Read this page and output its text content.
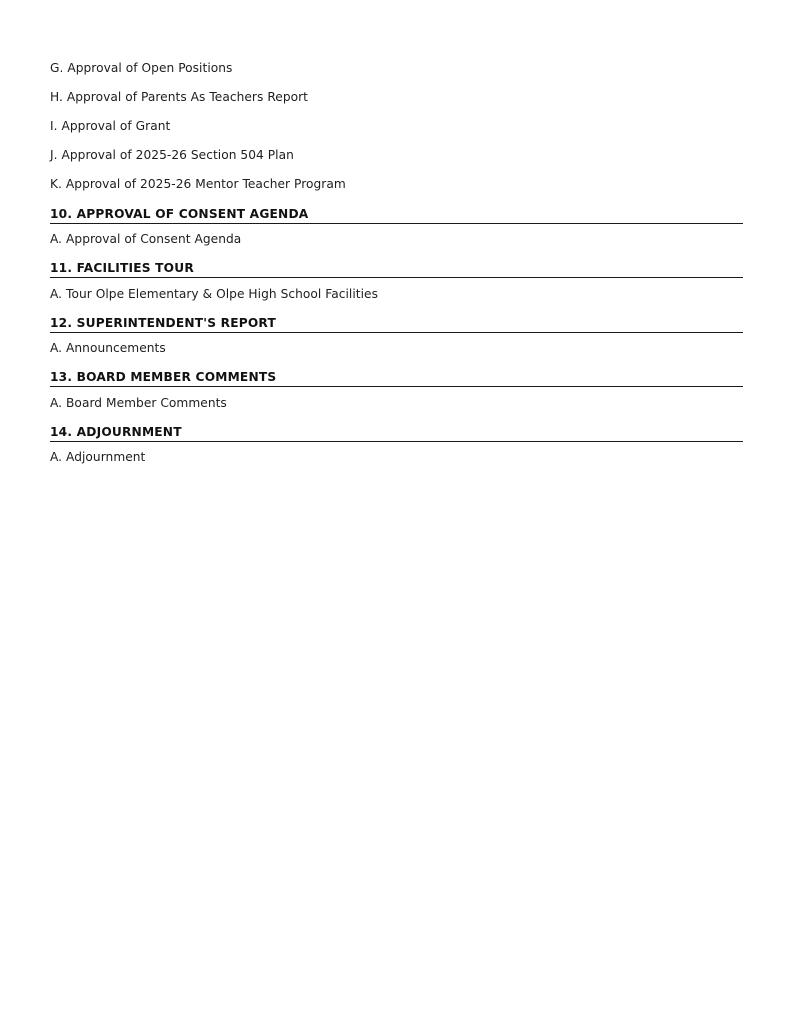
G. Approval of Open Positions
H. Approval of Parents As Teachers Report
I. Approval of Grant
J. Approval of 2025-26 Section 504 Plan
K. Approval of 2025-26 Mentor Teacher Program
10. APPROVAL OF CONSENT AGENDA
A. Approval of Consent Agenda
11. FACILITIES TOUR
A. Tour Olpe Elementary & Olpe High School Facilities
12. SUPERINTENDENT'S REPORT
A. Announcements
13. BOARD MEMBER COMMENTS
A. Board Member Comments
14. ADJOURNMENT
A. Adjournment
